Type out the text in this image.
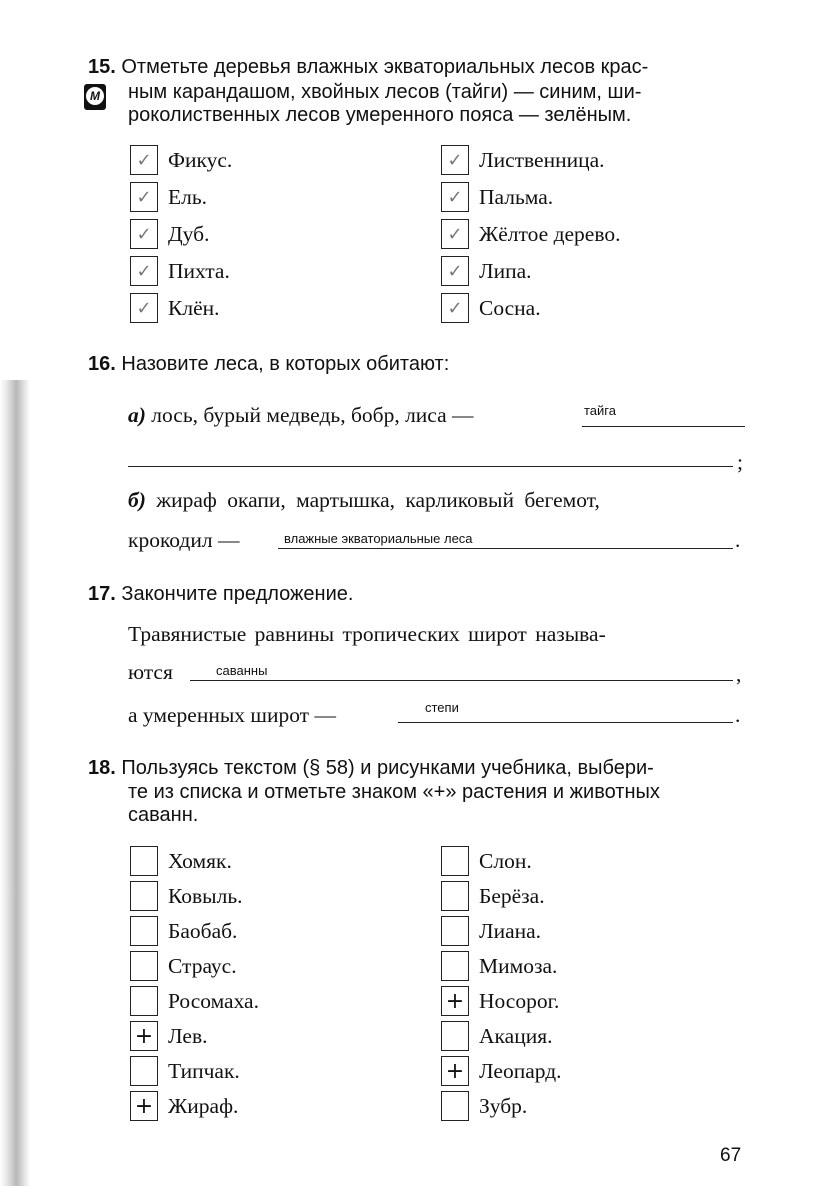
15. Отметьте деревья влажных экваториальных лесов крас-
М ным карандашом, хвойных лесов (тайги) — синим, ши-
роколиственных лесов умеренного пояса — зелёным.
✓ Фикус.
✓ Ель.
✓ Дуб.
✓ Пихта.
✓ Клён.
✓ Лиственница.
✓ Пальма.
✓ Жёлтое дерево.
✓ Липа.
✓ Сосна.
16. Назовите леса, в которых обитают:
а) лось, бурый медведь, бобр, лиса —	тайга
;
б) жираф окапи, мартышка, карликовый бегемот,
крокодил —	влажные экваториальные леса	.
17. Закончите предложение.
Травянистые равнины тропических широт называ-
ются	саванны	,
а умеренных широт —	степи	.
18. Пользуясь текстом (§ 58) и рисунками учебника, выбери-
те из списка и отметьте знаком «+» растения и животных
саванн.
Хомяк.
Ковыль.
Баобаб.
Страус.
Росомаха.
+ Лев.
Типчак.
+ Жираф.
Слон.
Берёза.
Лиана.
Мимоза.
+ Носорог.
Акация.
+ Леопард.
Зубр.
67
